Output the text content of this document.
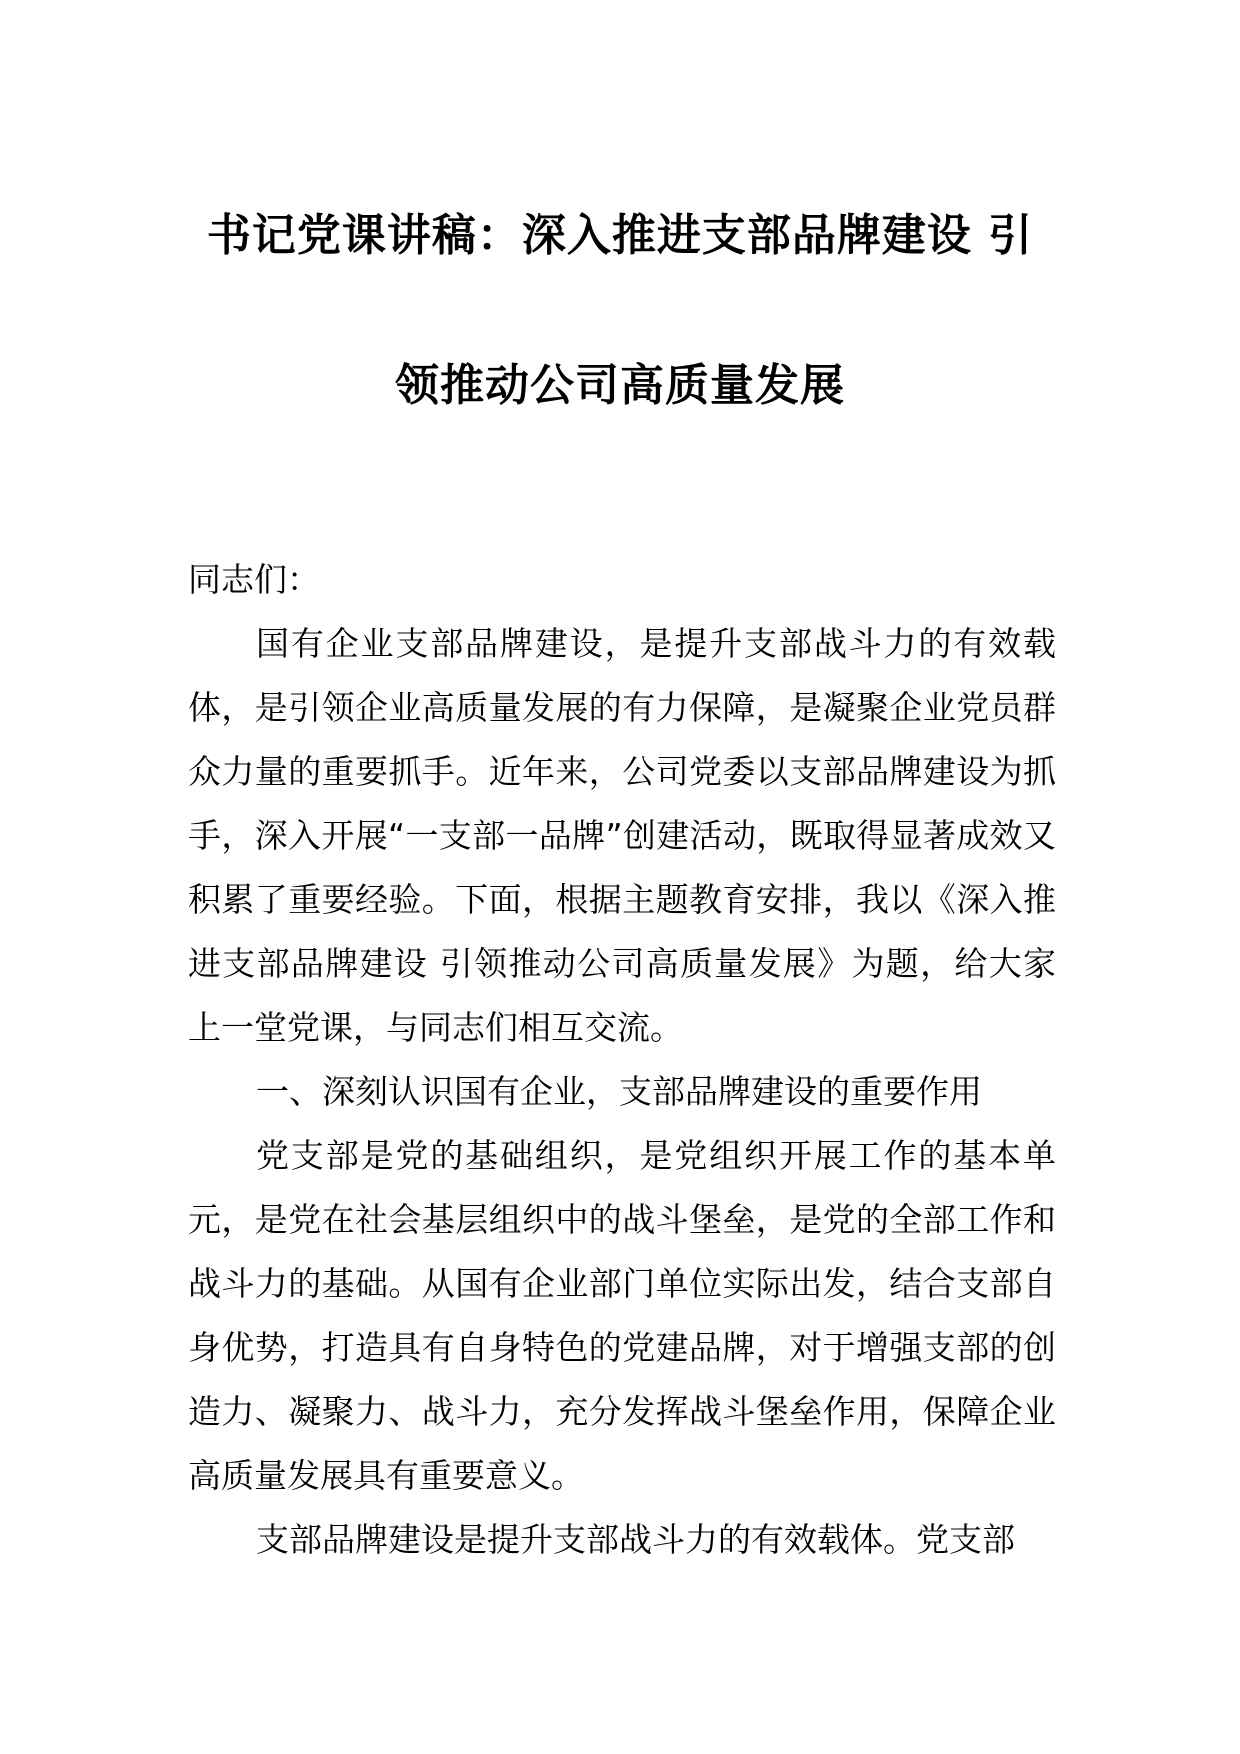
书记党课讲稿：深入推进支部品牌建设 引
领推动公司高质量发展

同志们：

国有企业支部品牌建设，是提升支部战斗力的有效载体，是引领企业高质量发展的有力保障，是凝聚企业党员群众力量的重要抓手。近年来，公司党委以支部品牌建设为抓手，深入开展“一支部一品牌”创建活动，既取得显著成效又积累了重要经验。下面，根据主题教育安排，我以《深入推进支部品牌建设 引领推动公司高质量发展》为题，给大家上一堂党课，与同志们相互交流。

一、深刻认识国有企业，支部品牌建设的重要作用

党支部是党的基础组织，是党组织开展工作的基本单元，是党在社会基层组织中的战斗堡垒，是党的全部工作和战斗力的基础。从国有企业部门单位实际出发，结合支部自身优势，打造具有自身特色的党建品牌，对于增强支部的创造力、凝聚力、战斗力，充分发挥战斗堡垒作用，保障企业高质量发展具有重要意义。

支部品牌建设是提升支部战斗力的有效载体。党支部
